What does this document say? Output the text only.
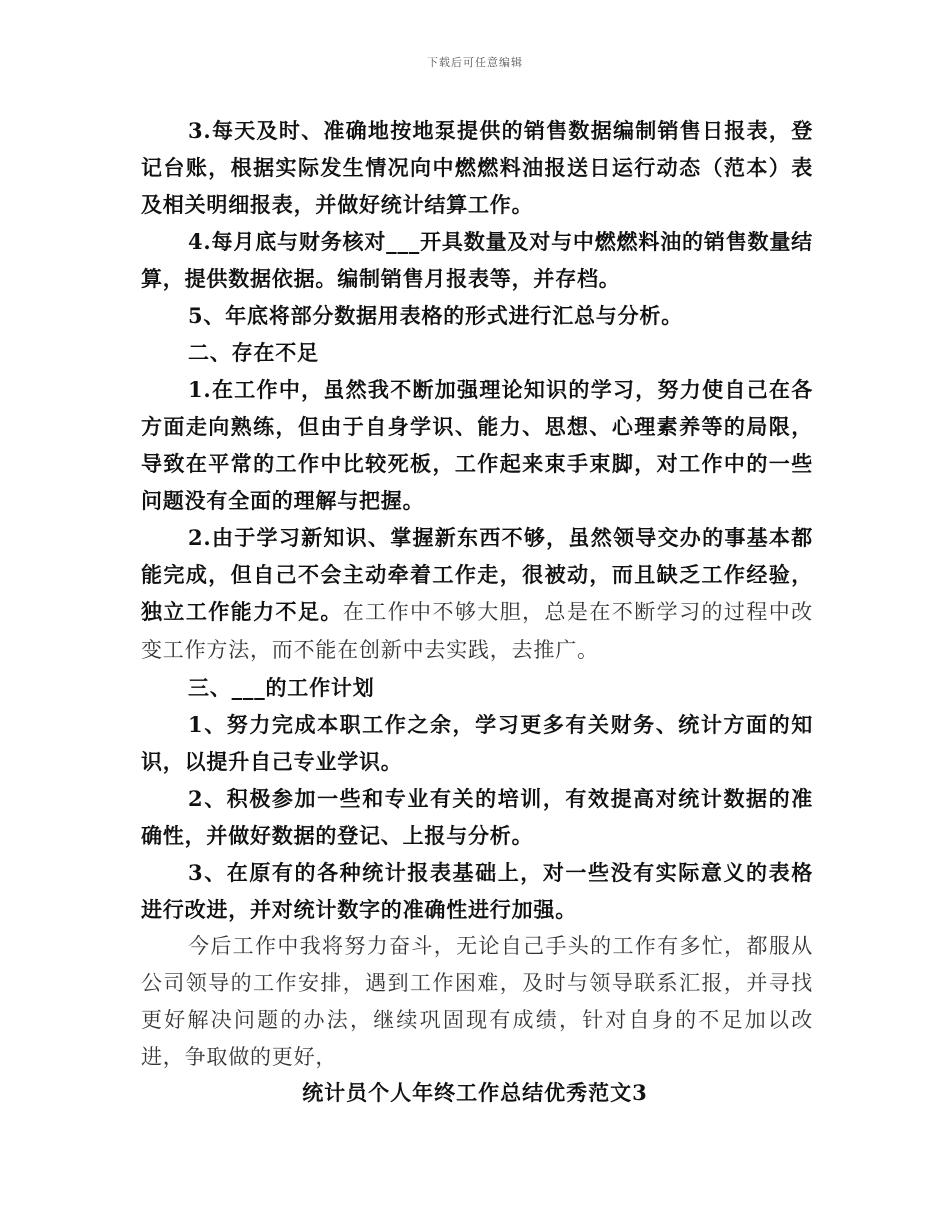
下载后可任意编辑

3.每天及时、准确地按地泵提供的销售数据编制销售日报表，登记台账，根据实际发生情况向中燃燃料油报送日运行动态（范本）表及相关明细报表，并做好统计结算工作。

4.每月底与财务核对___开具数量及对与中燃燃料油的销售数量结算，提供数据依据。编制销售月报表等，并存档。

5、年底将部分数据用表格的形式进行汇总与分析。

二、存在不足

1.在工作中，虽然我不断加强理论知识的学习，努力使自己在各方面走向熟练，但由于自身学识、能力、思想、心理素养等的局限，导致在平常的工作中比较死板，工作起来束手束脚，对工作中的一些问题没有全面的理解与把握。

2.由于学习新知识、掌握新东西不够，虽然领导交办的事基本都能完成，但自己不会主动牵着工作走，很被动，而且缺乏工作经验，独立工作能力不足。在工作中不够大胆，总是在不断学习的过程中改变工作方法，而不能在创新中去实践，去推广。

三、___的工作计划

1、努力完成本职工作之余，学习更多有关财务、统计方面的知识，以提升自己专业学识。

2、积极参加一些和专业有关的培训，有效提高对统计数据的准确性，并做好数据的登记、上报与分析。

3、在原有的各种统计报表基础上，对一些没有实际意义的表格进行改进，并对统计数字的准确性进行加强。

今后工作中我将努力奋斗，无论自己手头的工作有多忙，都服从公司领导的工作安排，遇到工作困难，及时与领导联系汇报，并寻找更好解决问题的办法，继续巩固现有成绩，针对自身的不足加以改进，争取做的更好，

统计员个人年终工作总结优秀范文3
